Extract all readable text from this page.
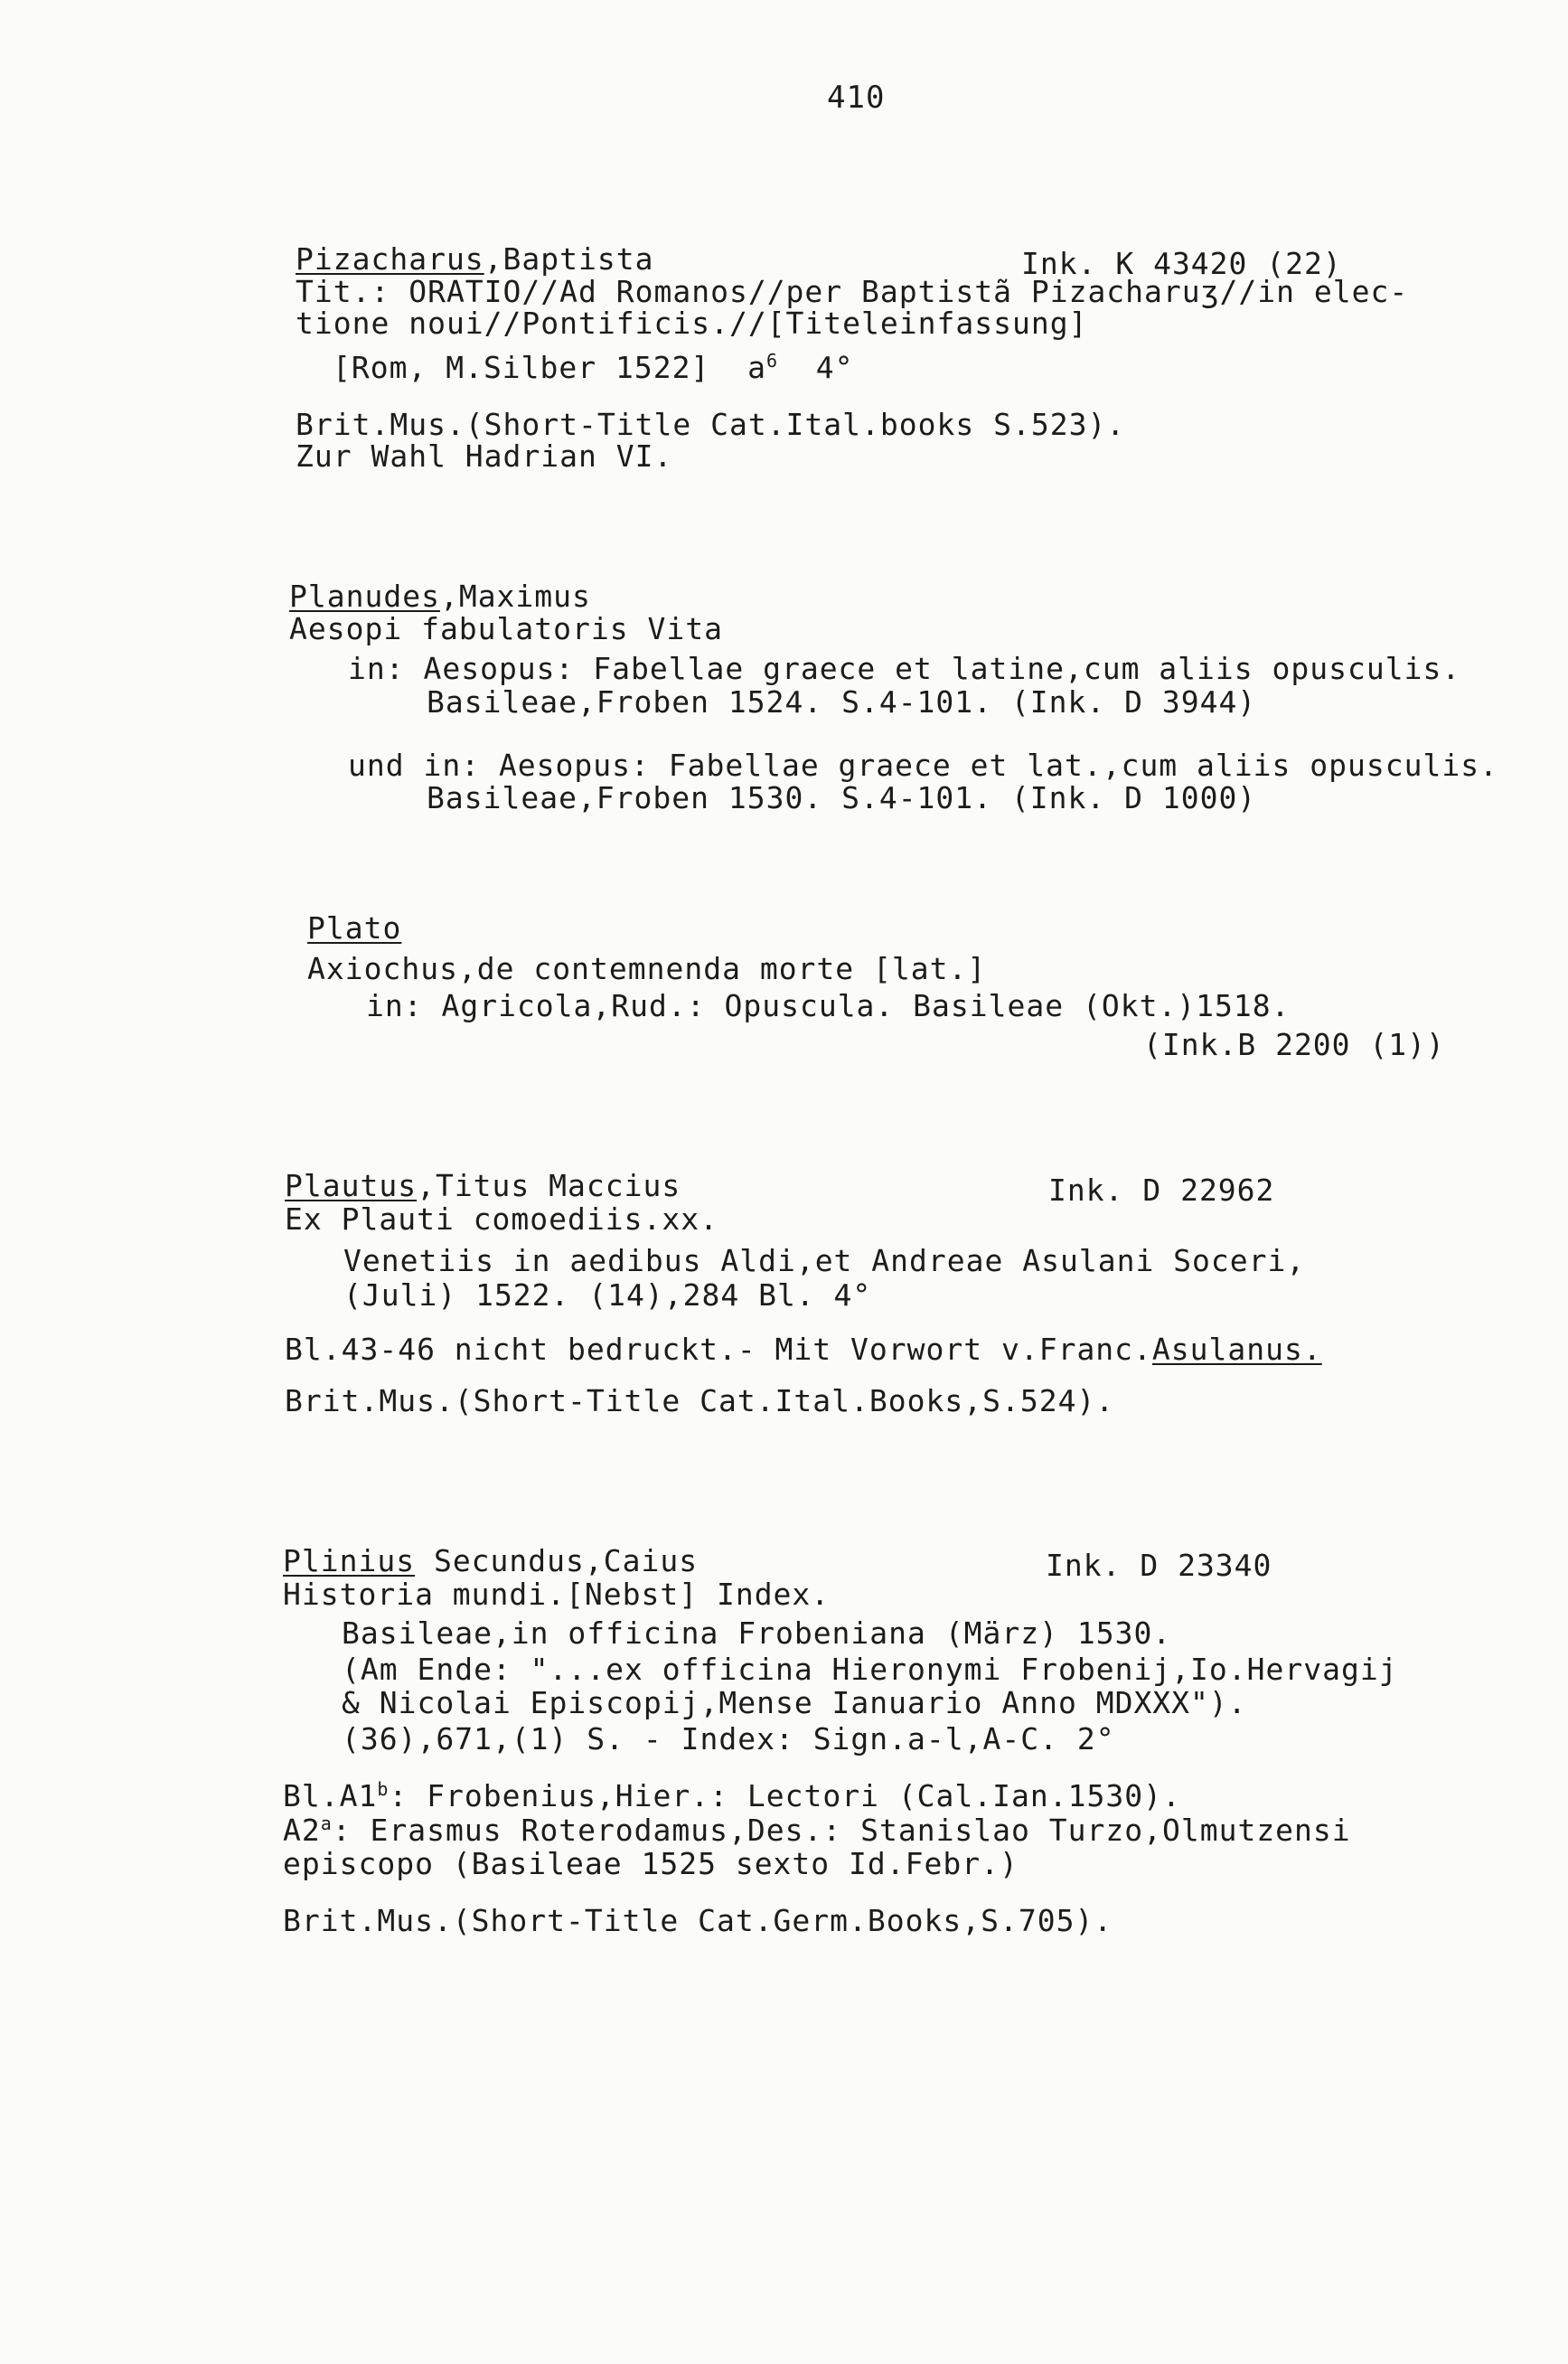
410
Pizacharus,Baptista	Ink. K 43420 (22)
Tit.: ORATIO//Ad Romanos//per Baptistã Pizacharuʒ//in elec-
tione noui//Pontificis.//[Titeleinfassung]
[Rom, M.Silber 1522] $a^6$ 4°
Brit.Mus.(Short-Title Cat.Ital.books S.523).
Zur Wahl Hadrian VI.
Planudes,Maximus
Aesopi fabulatoris Vita
in: Aesopus: Fabellae graece et latine,cum aliis opusculis.
Basileae,Froben 1524. S.4-101. (Ink. D 3944)
und in: Aesopus: Fabellae graece et lat.,cum aliis opusculis.
Basileae,Froben 1530. S.4-101. (Ink. D 1000)
Plato
Axiochus,de contemnenda morte [lat.]
in: Agricola,Rud.: Opuscula. Basileae (Okt.)1518.
(Ink.B 2200 (1))
Plautus,Titus Maccius	Ink. D 22962
Ex Plauti comoediis.xx.
Venetiis in aedibus Aldi,et Andreae Asulani Soceri,
(Juli) 1522. (14),284 Bl. 4°
Bl.43-46 nicht bedruckt.- Mit Vorwort v.Franc.Asulanus.
Brit.Mus.(Short-Title Cat.Ital.Books,S.524).
Plinius Secundus,Caius	Ink. D 23340
Historia mundi.[Nebst] Index.
Basileae,in officina Frobeniana (März) 1530.
(Am Ende: "...ex officina Hieronymi Frobenij,Io.Hervagij
& Nicolai Episcopij,Mense Ianuario Anno MDXXX").
(36),671,(1) S. - Index: Sign.a-l,A-C. 2°
Bl.A1$^b$: Frobenius,Hier.: Lectori (Cal.Ian.1530).
A2$^a$: Erasmus Roterodamus,Des.: Stanislao Turzo,Olmutzensi
episcopo (Basileae 1525 sexto Id.Febr.)
Brit.Mus.(Short-Title Cat.Germ.Books,S.705).
